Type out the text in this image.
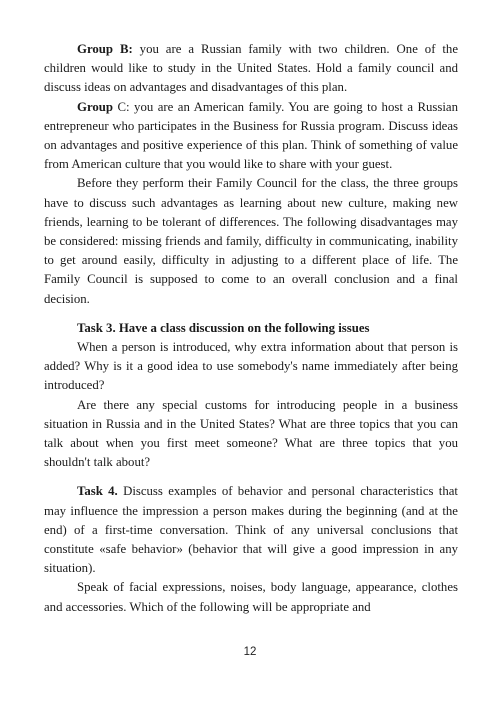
Group B: you are a Russian family with two children. One of the children would like to study in the United States. Hold a family council and discuss ideas on advantages and disadvantages of this plan.

Group C: you are an American family. You are going to host a Russian entrepreneur who participates in the Business for Russia program. Discuss ideas on advantages and positive experience of this plan. Think of something of value from American culture that you would like to share with your guest.

Before they perform their Family Council for the class, the three groups have to discuss such advantages as learning about new culture, making new friends, learning to be tolerant of differences. The following disadvantages may be considered: missing friends and family, difficulty in communicating, inability to get around easily, difficulty in adjusting to a different place of life. The Family Council is supposed to come to an overall conclusion and a final decision.

Task 3. Have a class discussion on the following issues

When a person is introduced, why extra information about that person is added? Why is it a good idea to use somebody's name immediately after being introduced?

Are there any special customs for introducing people in a business situation in Russia and in the United States? What are three topics that you can talk about when you first meet someone? What are three topics that you shouldn't talk about?

Task 4. Discuss examples of behavior and personal characteristics that may influence the impression a person makes during the beginning (and at the end) of a first-time conversation. Think of any universal conclusions that constitute «safe behavior» (behavior that will give a good impression in any situation).

Speak of facial expressions, noises, body language, appearance, clothes and accessories. Which of the following will be appropriate and

12
